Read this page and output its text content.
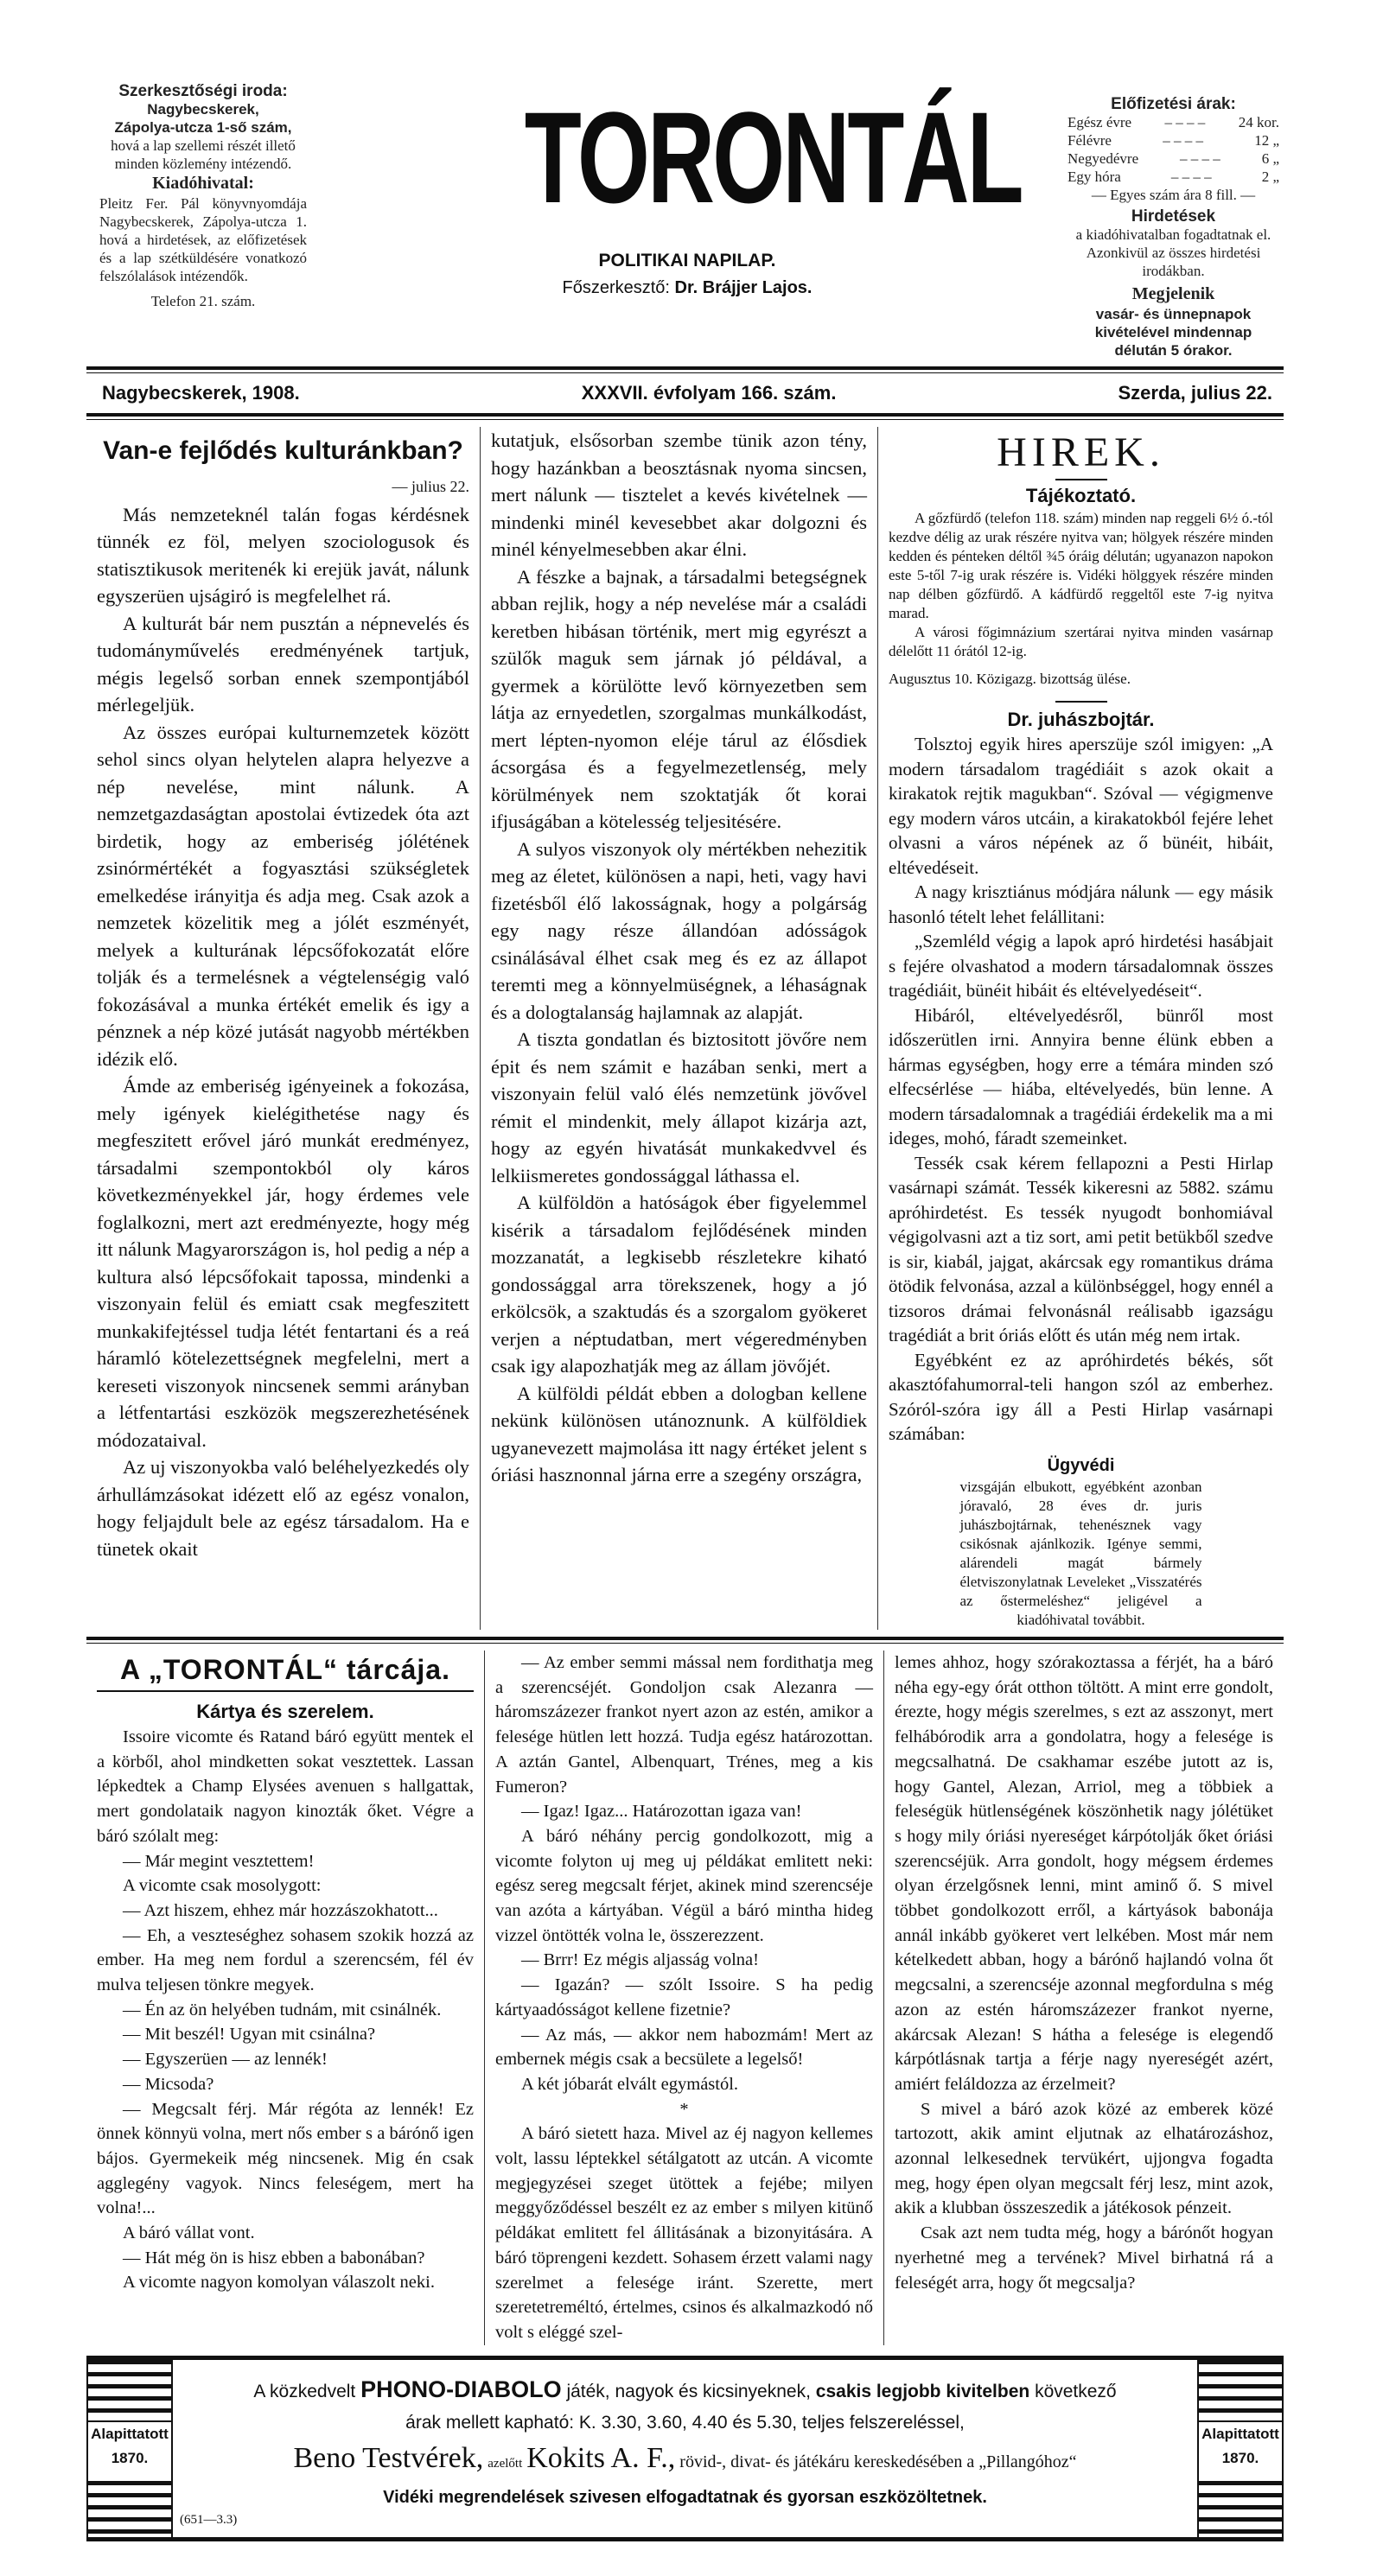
Szerkesztőségi iroda:
Nagybecskerek,
Zápolya-utcza 1-ső szám,
hová a lap szellemi részét illető minden közlemény intézendő.
Kiadóhivatal:
Pleitz Fer. Pál könyvnyomdája Nagybecskerek, Zápolya-utcza 1. hová a hirdetések, az előfizetések és a lap szétküldésére vonatkozó felszólalások intézendők.
Telefon 21. szám.
TORONTÁL
POLITIKAI NAPILAP.
Főszerkesztő: Dr. Brájjer Lajos.
Előfizetési árak:
Egész évre	– – – –	24 kor.
Félévre	– – – –	12 „
Negyedévre	– – – –	6 „
Egy hóra	– – – –	2 „
— Egyes szám ára 8 fill. —
Hirdetések
a kiadóhivatalban fogadtatnak el. Azonkivül az összes hirdetési irodákban.
Megjelenik
vasár- és ünnepnapok kivételével mindennap délután 5 órakor.
Nagybecskerek, 1908.	XXXVII. évfolyam 166. szám.	Szerda, julius 22.
Van-e fejlődés kulturánkban?
— julius 22.

Más nemzeteknél talán fogas kérdésnek tünnék ez föl, melyen szociologusok és statisztikusok meritenék ki erejük javát, nálunk egyszerüen ujságiró is megfelelhet rá.

A kulturát bár nem pusztán a népnevelés és tudományművelés eredményének tartjuk, mégis legelső sorban ennek szempontjából mérlegeljük.

Az összes európai kulturnemzetek között sehol sincs olyan helytelen alapra helyezve a nép nevelése, mint nálunk. A nemzetgazdaságtan apostolai évtizedek óta azt birdetik, hogy az emberiség jólétének zsinórmértékét a fogyasztási szükségletek emelkedése irányitja és adja meg. Csak azok a nemzetek közelitik meg a jólét eszményét, melyek a kulturának lépcsőfokozatát előre tolják és a termelésnek a végtelenségig való fokozásával a munka értékét emelik és igy a pénznek a nép közé jutását nagyobb mértékben idézik elő.

Ámde az emberiség igényeinek a fokozása, mely igények kielégithetése nagy és megfeszitett erővel járó munkát eredményez, társadalmi szempontokból oly káros következményekkel jár, hogy érdemes vele foglalkozni, mert azt eredményezte, hogy még itt nálunk Magyarországon is, hol pedig a nép a kultura alsó lépcsőfokait tapossa, mindenki a viszonyain felül és emiatt csak megfeszitett munkakifejtéssel tudja létét fentartani és a reá háramló kötelezettségnek megfelelni, mert a kereseti viszonyok nincsenek semmi arányban a létfentartási eszközök megszerezhetésének módozataival.

Az uj viszonyokba való beléhelyezkedés oly árhullámzásokat idézett elő az egész vonalon, hogy feljajdult bele az egész társadalom. Ha e tünetek okait

kutatjuk, elsősorban szembe tünik azon tény, hogy hazánkban a beosztásnak nyoma sincsen, mert nálunk — tisztelet a kevés kivételnek — mindenki minél kevesebbet akar dolgozni és minél kényelmesebben akar élni.

A fészke a bajnak, a társadalmi betegségnek abban rejlik, hogy a nép nevelése már a családi keretben hibásan történik, mert mig egyrészt a szülők maguk sem járnak jó példával, a gyermek a körülötte levő környezetben sem látja az ernyedetlen, szorgalmas munkálkodást, mert lépten-nyomon eléje tárul az élősdiek ácsorgása és a fegyelmezetlenség, mely körülmények nem szoktatják őt korai ifjuságában a kötelesség teljesitésére.

A sulyos viszonyok oly mértékben nehezitik meg az életet, különösen a napi, heti, vagy havi fizetésből élő lakosságnak, hogy a polgárság egy nagy része állandóan adósságok csinálásával élhet csak meg és ez az állapot teremti meg a könnyelmüségnek, a léhaságnak és a dologtalanság hajlamnak az alapját.

A tiszta gondatlan és biztositott jövőre nem épit és nem számit e hazában senki, mert a viszonyain felül való élés nemzetünk jövővel rémit el mindenkit, mely állapot kizárja azt, hogy az egyén hivatását munkakedvvel és lelkiismeretes gondossággal láthassa el.

A külföldön a hatóságok éber figyelemmel kisérik a társadalom fejlődésének minden mozzanatát, a legkisebb részletekre kiható gondossággal arra törekszenek, hogy a jó erkölcsök, a szaktudás és a szorgalom gyökeret verjen a néptudatban, mert végeredményben csak igy alapozhatják meg az állam jövőjét.

A külföldi példát ebben a dologban kellene nekünk különösen utánoznunk. A külföldiek ugyanevezett majmolása itt nagy értéket jelent s óriási hasznonnal járna erre a szegény országra,

HIREK.
Tájékoztató.

A gőzfürdő (telefon 118. szám) minden nap reggeli 6½ ó.-tól kezdve délig az urak részére nyitva van; hölgyek részére minden kedden és pénteken déltől ¾5 óráig délután; ugyanazon napokon este 5-től 7-ig urak részére is. Vidéki hölggyek részére minden nap délben gőzfürdő. A kádfürdő reggeltől este 7-ig nyitva marad.

A városi főgimnázium szertárai nyitva minden vasárnap délelőtt 11 órától 12-ig.

Augusztus 10. Közigazg. bizottság ülése.
Dr. juhászbojtár.

Tolsztoj egyik hires aperszüje szól imigyen: „A modern társadalom tragédiáit s azok okait a kirakatok rejtik magukban“. Szóval — végigmenve egy modern város utcáin, a kirakatokból fejére lehet olvasni a város népének az ő bünéit, hibáit, eltévedéseit.

A nagy krisztiánus módjára nálunk — egy másik hasonló tételt lehet felállitani:

„Szemléld végig a lapok apró hirdetési hasábjait s fejére olvashatod a modern társadalomnak összes tragédiáit, bünéit hibáit és eltévelyedéseit“.

Hibáról, eltévelyedésről, bünről most időszerütlen irni. Annyira benne élünk ebben a hármas egységben, hogy erre a témára minden szó elfecsérlése — hiába, eltévelyedés, bün lenne. A modern társadalomnak a tragédiái érdekelik ma a mi ideges, mohó, fáradt szemeinket.

Tessék csak kérem fellapozni a Pesti Hirlap vasárnapi számát. Tessék kikeresni az 5882. számu apróhirdetést. Es tessék nyugodt bonhomiával végigolvasni azt a tiz sort, ami petit betükből szedve is sir, kiabál, jajgat, akárcsak egy romantikus dráma ötödik felvonása, azzal a különbséggel, hogy ennél a tizsoros drámai felvonásnál reálisabb igazságu tragédiát a brit óriás előtt és után még nem irtak.

Egyébként ez az apróhirdetés békés, sőt akasztófahumorral-teli hangon szól az emberhez. Szóról-szóra igy áll a Pesti Hirlap vasárnapi számában:

Ügyvédi
vizsgáján elbukott, egyébként azonban jóravaló, 28 éves dr. juris juhászbojtárnak, tehenésznek vagy csikósnak ajánlkozik. Igénye semmi, alárendeli magát bármely életviszonylatnak Leveleket „Visszatérés az őstermeléshez“ jeligével a kiadóhivatal továbbit.
A „TORONTÁL“ tárcája.
Kártya és szerelem.

Issoire vicomte és Ratand báró együtt mentek el a körből, ahol mindketten sokat vesztettek. Lassan lépkedtek a Champ Elysées avenuen s hallgattak, mert gondolataik nagyon kinozták őket. Végre a báró szólalt meg:

— Már megint vesztettem!

A vicomte csak mosolygott:

— Azt hiszem, ehhez már hozzászokhatott...

— Eh, a veszteséghez sohasem szokik hozzá az ember. Ha meg nem fordul a szerencsém, fél év mulva teljesen tönkre megyek.

— Én az ön helyében tudnám, mit csinálnék.

— Mit beszél! Ugyan mit csinálna?

— Egyszerüen — az lennék!

— Micsoda?

— Megcsalt férj. Már régóta az lennék! Ez önnek könnyü volna, mert nős ember s a bárónő igen bájos. Gyermekeik még nincsenek. Mig én csak agglegény vagyok. Nincs feleségem, mert ha volna!...

A báró vállat vont.

— Hát még ön is hisz ebben a babonában?

A vicomte nagyon komolyan válaszolt neki.

— Az ember semmi mással nem fordithatja meg a szerencséjét. Gondoljon csak Alezanra — háromszázezer frankot nyert azon az estén, amikor a felesége hütlen lett hozzá. Tudja egész határozottan. A aztán Gantel, Albenquart, Trénes, meg a kis Fumeron?

— Igaz! Igaz... Határozottan igaza van!

A báró néhány percig gondolkozott, mig a vicomte folyton uj meg uj példákat emlitett neki: egész sereg megcsalt férjet, akinek mind szerencséje van azóta a kártyában. Végül a báró mintha hideg vizzel öntötték volna le, összerezzent.

— Brrr! Ez mégis aljasság volna!

— Igazán? — szólt Issoire. S ha pedig kártyaadósságot kellene fizetnie?

— Az más, — akkor nem habozmám! Mert az embernek mégis csak a becsülete a legelső!

A két jóbarát elvált egymástól.

*

A báró sietett haza. Mivel az éj nagyon kellemes volt, lassu léptekkel sétálgatott az utcán. A vicomte megjegyzései szeget ütöttek a fejébe; milyen meggyőződéssel beszélt ez az ember s milyen kitünő példákat emlitett fel állitásának a bizonyitására. A báró töprengeni kezdett. Sohasem érzett valami nagy szerelmet a felesége iránt. Szerette, mert szeretetreméltó, értelmes, csinos és alkalmazkodó nő volt s eléggé szel-

lemes ahhoz, hogy szórakoztassa a férjét, ha a báró néha egy-egy órát otthon töltött. A mint erre gondolt, érezte, hogy mégis szerelmes, s ezt az asszonyt, mert felhábórodik arra a gondolatra, hogy a felesége is megcsalhatná. De csakhamar eszébe jutott az is, hogy Gantel, Alezan, Arriol, meg a többiek a feleségük hütlenségének köszönhetik nagy jólétüket s hogy mily óriási nyereséget kárpótolják őket óriási szerencséjük. Arra gondolt, hogy mégsem érdemes olyan érzelgősnek lenni, mint aminő ő. S mivel többet gondolkozott erről, a kártyások babonája annál inkább gyökeret vert lelkében. Most már nem kételkedett abban, hogy a bárónő hajlandó volna őt megcsalni, a szerencséje azonnal megfordulna s még azon az estén háromszázezer frankot nyerne, akárcsak Alezan! S hátha a felesége is elegendő kárpótlásnak tartja a férje nagy nyereségét azért, amiért feláldozza az érzelmeit?

S mivel a báró azok közé az emberek közé tartozott, akik amint eljutnak az elhatározáshoz, azonnal lelkesednek tervükért, ujjongva fogadta meg, hogy épen olyan megcsalt férj lesz, mint azok, akik a klubban összeszedik a játékosok pénzeit.

Csak azt nem tudta még, hogy a bárónőt hogyan nyerhetné meg a tervének? Mivel birhatná rá a feleségét arra, hogy őt megcsalja?

Alapittatott
1870.
Alapittatott
1870.
A közkedvelt PHONO-DIABOLO játék, nagyok és kicsinyeknek, csakis legjobb kivitelben következő
árak mellett kapható: K. 3.30, 3.60, 4.40 és 5.30, teljes felszereléssel,
Beno Testvérek, azelőtt Kokits A. F., rövid-, divat- és játékáru kereskedésében a „Pillangóhoz“
Vidéki megrendelések szivesen elfogadtatnak és gyorsan eszközöltetnek.
(651—3.3)
